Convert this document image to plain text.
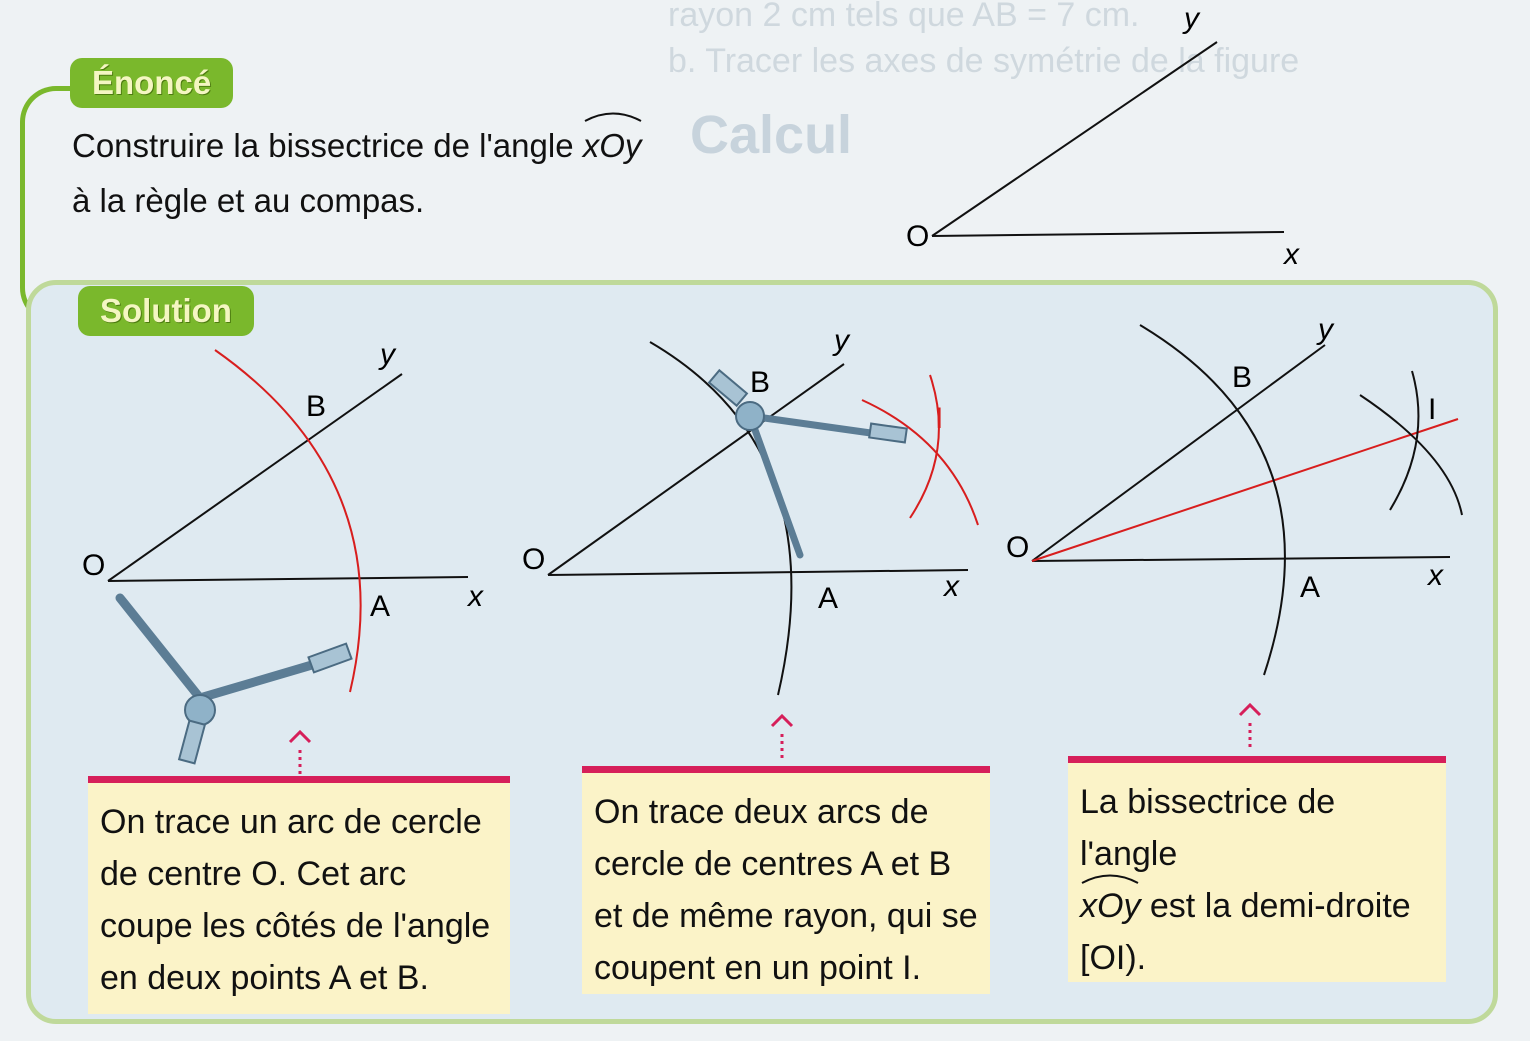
rayon 2 cm tels que AB = 7 cm.
b. Tracer les axes de symétrie de la figure
Calcul
Énoncé
Construire la bissectrice de l'angle
xOy
à la règle et au compas.
O
y
x
Solution
O
B
A
y
x
O
B
A
I
y
x
O
B
A
I
y
x
On trace un arc de cercle
de centre O. Cet arc
coupe les côtés de l'angle
en deux points A et B.
On trace deux arcs de
cercle de centres A et B
et de même rayon, qui se
coupent en un point I.
La bissectrice de l'angle
xOy est la demi-droite
[OI).
